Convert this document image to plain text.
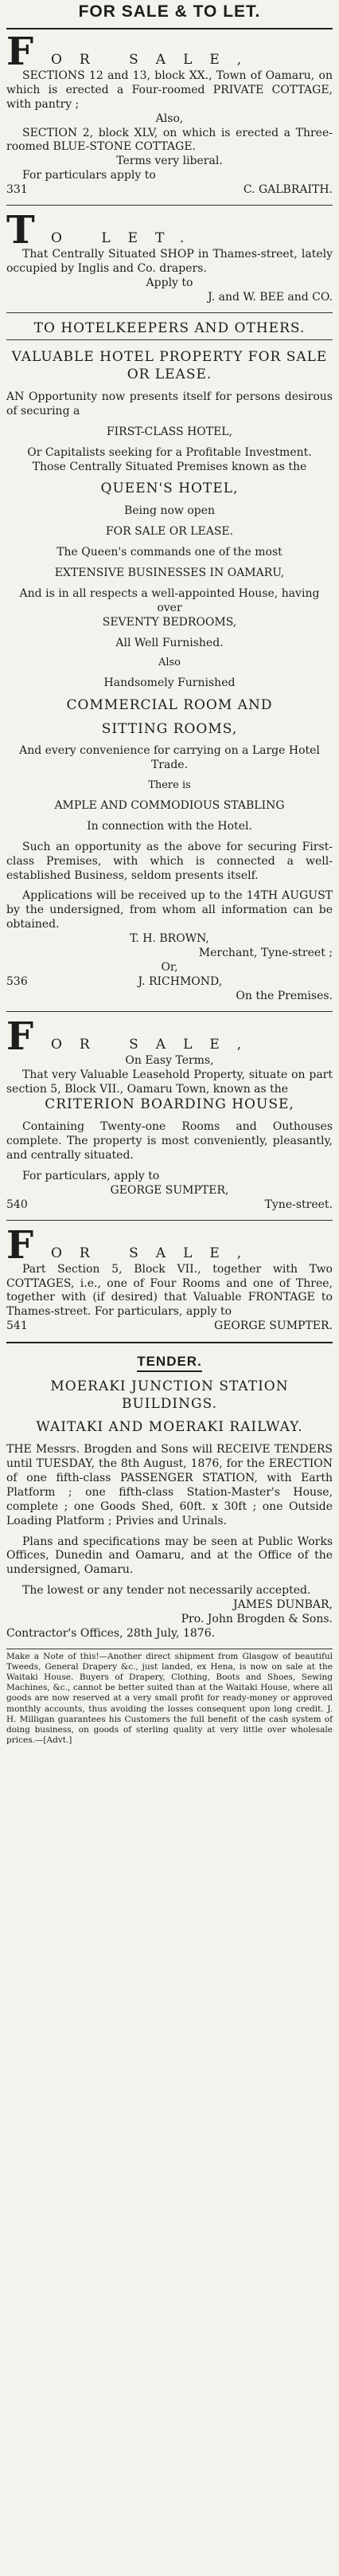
FOR SALE & TO LET.
F	OR SALE,
SECTIONS 12 and 13, block XX., Town of Oamaru, on which is erected a Four-roomed PRIVATE COTTAGE, with pantry ;
Also,
SECTION 2, block XLV, on which is erected a Three-roomed BLUE-STONE COTTAGE.
Terms very liberal.
For particulars apply to
331	C. GALBRAITH.
T	O LET.
That Centrally Situated SHOP in Thames-street, lately occupied by Inglis and Co. drapers.
Apply to
J. and W. BEE and CO.
TO HOTELKEEPERS AND OTHERS.
VALUABLE HOTEL PROPERTY FOR SALE OR LEASE.
AN Opportunity now presents itself for persons desirous of securing a
FIRST-CLASS HOTEL,
Or Capitalists seeking for a Profitable Investment.
Those Centrally Situated Premises known as the
QUEEN'S HOTEL,
Being now open
FOR SALE OR LEASE.
The Queen's commands one of the most
EXTENSIVE BUSINESSES IN OAMARU,
And is in all respects a well-appointed House, having over
SEVENTY BEDROOMS,
All Well Furnished.
Also
Handsomely Furnished
COMMERCIAL ROOM AND
SITTING ROOMS,
And every convenience for carrying on a Large Hotel Trade.
There is
AMPLE AND COMMODIOUS STABLING
In connection with the Hotel.
Such an opportunity as the above for securing First-class Premises, with which is connected a well-established Business, seldom presents itself.
Applications will be received up to the 14TH AUGUST by the undersigned, from whom all information can be obtained.
T. H. BROWN,
Merchant, Tyne-street ;
Or,
536	J. RICHMOND,
On the Premises.
F	OR SALE,
On Easy Terms,
That very Valuable Leasehold Property, situate on part section 5, Block VII., Oamaru Town, known as the
CRITERION BOARDING HOUSE,
Containing Twenty-one Rooms and Outhouses complete. The property is most conveniently, pleasantly, and centrally situated.
For particulars, apply to
GEORGE SUMPTER,
540	Tyne-street.
F	OR SALE,
Part Section 5, Block VII., together with Two COTTAGES, i.e., one of Four Rooms and one of Three, together with (if desired) that Valuable FRONTAGE to Thames-street. For particulars, apply to
541	GEORGE SUMPTER.
TENDER.
MOERAKI JUNCTION STATION BUILDINGS.
WAITAKI AND MOERAKI RAILWAY.
THE Messrs. Brogden and Sons will RECEIVE TENDERS until TUESDAY, the 8th August, 1876, for the ERECTION of one fifth-class PASSENGER STATION, with Earth Platform ; one fifth-class Station-Master's House, complete ; one Goods Shed, 60ft. x 30ft ; one Outside Loading Platform ; Privies and Urinals.
Plans and specifications may be seen at Public Works Offices, Dunedin and Oamaru, and at the Office of the undersigned, Oamaru.
The lowest or any tender not necessarily accepted.
JAMES DUNBAR,
Pro. John Brogden & Sons.
Contractor's Offices, 28th July, 1876.
Make a Note of this!—Another direct shipment from Glasgow of beautiful Tweeds, General Drapery &c., just landed, ex Hena, is now on sale at the Waitaki House. Buyers of Drapery, Clothing, Boots and Shoes, Sewing Machines, &c., cannot be better suited than at the Waitaki House, where all goods are now reserved at a very small profit for ready-money or approved monthly accounts, thus avoiding the losses consequent upon long credit. J. H. Milligan guarantees his Customers the full benefit of the cash system of doing business, on goods of sterling quality at very little over wholesale prices.—[Advt.]
